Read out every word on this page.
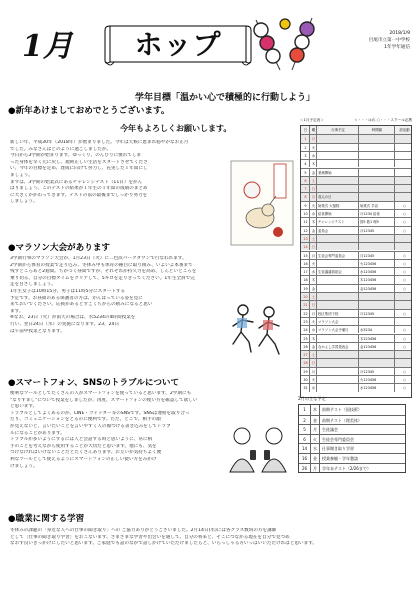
1月	ホップ	2018/1/9
目尾市立第一中学校
1年学年通信
学年目標「温かい心で積極的に行動しよう」
●新年あけましておめでとうございます。
今年もよろしくお願いします。
新しい年、平成30年（2018年）が始まりました。今年は天候に恵まれ穏やかなお正月
でした。みなさんはどのように過ごしましたか。
今日から3学期が始まります。ゆっくり、のんびりに慣れてしま
った身体を早く元に戻し、規則正しい生活をスタートさせてくださ
い。今年の目標を定め、達成に向けて努力し、充実した１年間にし
ましょう。
まずは、3学期の始業式にあるチャレンジテスト（11日）をがん
ばりましょう。このテストの結果が１年生の１年間の成績のまとめ
に大きくかかわってきます。テストの前の最後までしっかり努力を
しましょう。
●マラソン大会があります
3学期行事のマラソン大会が、1月23日（火）に二色浜パークタウンで行なわれます。
2学期から体育の授業で走り込み、冬休み中も体育の種目に取り組み、いよいよ本番まで
残すところあと2週間。ちかづく昼間ですが、それぞれが持久力を高め、しんどいところを
乗り切る、自分の目標タイムをクリアして、5キロを走りきってください。1年生全員で完
走を目ざしましょう。
1年生女子は10時15分、男子は11時5分にスタートする
予定です。お昼間のある保護者の方は、がんばっている姿を見に
来ておいでください。応援があるとすごくちからの励みになると思い
ます。
※なお、23日（火）が雨天の場合は、水5234の4時間授業を
行い、翌日24日（水）の実施になります。23、24日
は午前中授業となります。
●スマートフォン、SNSのトラブルについて
便利なツールとしてたくさんの人がスマートフォンを使っていると思います。2学期にも
"なりすまし"について授業をしましたが、再度、スマートフォンの使い方を確認して欲しい
と思います。
トラブルとしてよくあるのが、LINE・ツイッター等のSNSです。SNSは連絡を取り合っ
たり、コミュニケーションをとるのに便利です。ただ、どこで、相手の顔
が見えないと、言いたいことを言いやすく人の傷つける書き込みをしてトラブ
ルになることがあります。
トラブルが多いようにするには人と会話する時と思いように、常に相
手のことを考えながら使用することが大切だと思います。他にも、気を
つけなければいけないことだとたくさんあります。お互いが気持ちよく便
利なツールとして使えるようにスマートフォンの正しい使い方をみがけ
けましょう。
●職業に関する学習
冬休みの課題の「身近な人への仕事の聞き取り」への ご協力ありがとうございました。2月14日(水)には各クラス数班の方を講師
として［仕事の聞き取り学習］をおこないます。さまざまな学習や出会いを通して、自分の将来と、そこにつながる現在を自分で見つめ
なおす良いきっかけにしたいと思います。ご家庭でも話のなかで話しかけていただけましたらと、いらっしゃる方いっぱいいただければと思います。
＜1月予定表＞	☆・・・はれ ○・・・スクール必携
日	曜	行事予定	時間割	部活動
1	月
2	火
3	水
4	木
5	金 業務開始
6	土
7	日
8	月 成人の日
9	火 始業式 大掃除	始業式 学活	○
10	水 給食開始	月1234 給食	○
11	木 チャレンジテスト	国5 数1 理5	○
12	金 委員会	月12345	○
13	土
14	日
15	月 生徒会専門委員会	月12345	○
16	火	火123456	○
17	水 生徒議議員総会	水123456	○
18	木	木123456	○
19	金	金123456	○
20	土
21	日
22	月 校区集団下校	月12345	○
23	火 マラソン大会
24	水 マラソン大会予備日	水5234	○
25	木	木123456	○
26	金 なかよし学習発表会	金123456	○
27	土
28	日
29	月	月12345	○
30	火	火123456	○
31	水	水123456	○
2月の主な予定
1	木	前期テスト（国技術）
2	金	前期テスト（理美体）
5	月	生徒議会
6	火	生徒会専門委員会
14	水	仕事聞き取り学習
16	金	授業参観・学年懇談
26	月	学年末テスト（2/26まで）
